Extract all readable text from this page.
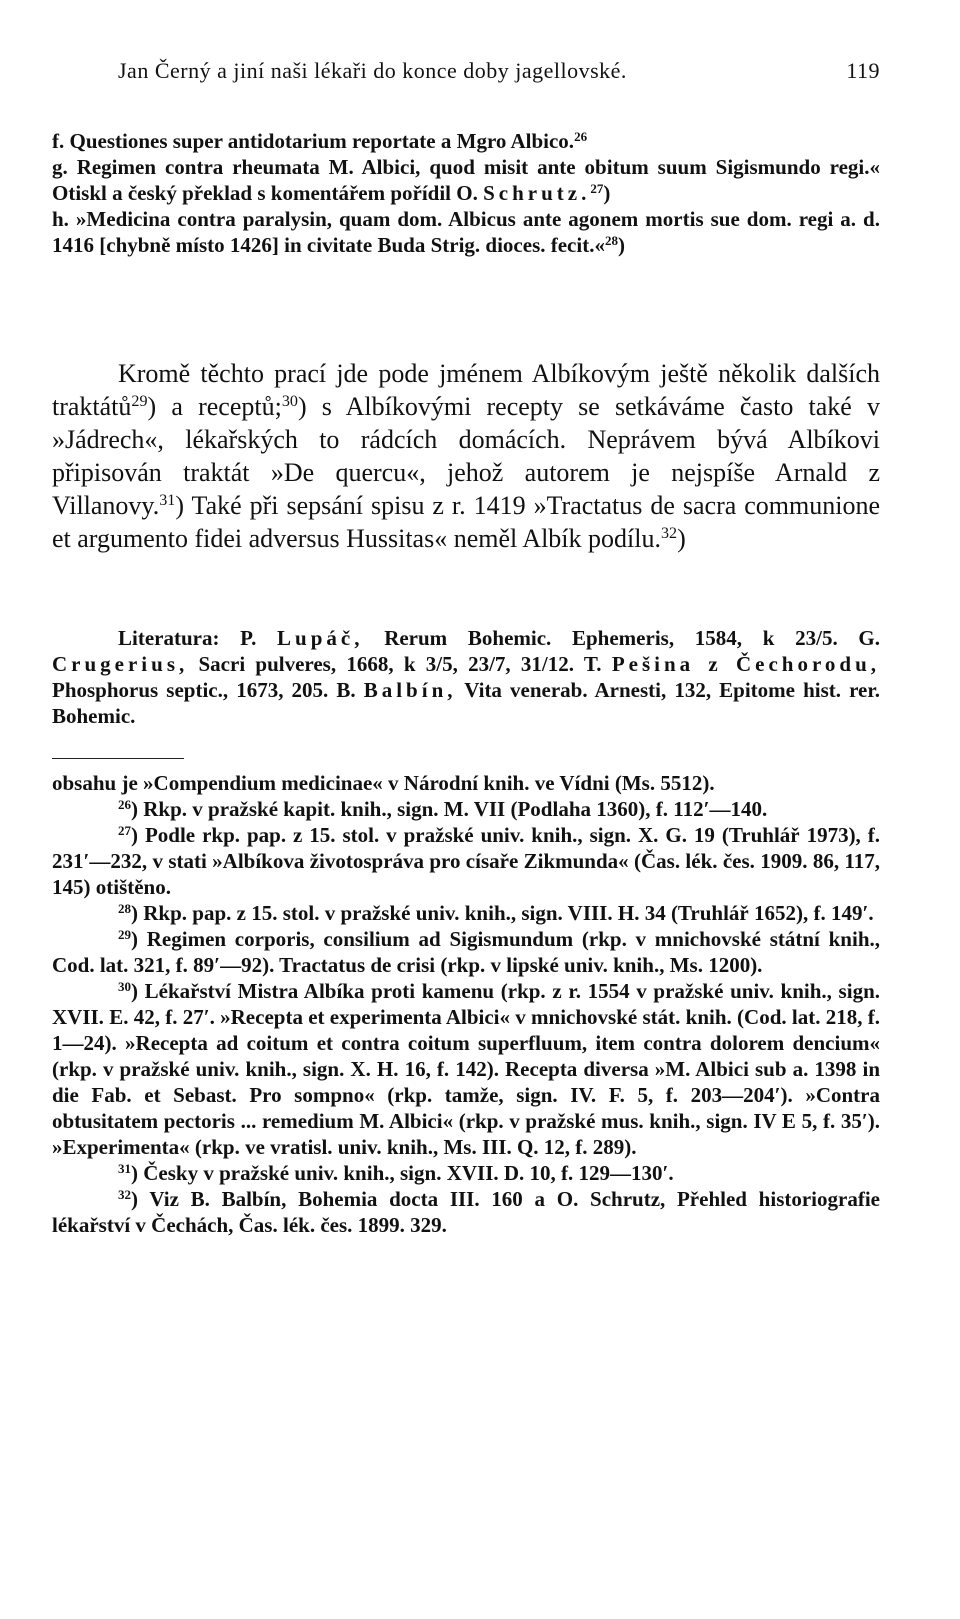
Jan Černý a jiní naši lékaři do konce doby jagellovské.	119

f. Questiones super antidotarium reportate a Mgro Albico.$^{26}$

g. Regimen contra rheumata M. Albici, quod misit ante obitum suum Sigismundo regi.« Otiskl a český překlad s komentářem pořídil O. Schrutz.$^{27}$)

h. »Medicina contra paralysin, quam dom. Albicus ante agonem mortis sue dom. regi a. d. 1416 [chybně místo 1426] in civitate Buda Strig. dioces. fecit.«$^{28}$)

Kromě těchto prací jde pode jménem Albíkovým ještě několik dalších traktátů$^{29}$) a receptů;$^{30}$) s Albíkovými recepty se setkáváme často také v »Jádrech«, lékařských to rádcích domácích. Neprávem bývá Albíkovi připisován traktát »De quercu«, jehož autorem je nejspíše Arnald z Villanovy.$^{31}$) Také při sepsání spisu z r. 1419 »Tractatus de sacra communione et argumento fidei adversus Hussitas« neměl Albík podílu.$^{32}$)

Literatura: P. Lupáč, Rerum Bohemic. Ephemeris, 1584, k 23/5. G. Crugerius, Sacri pulveres, 1668, k 3/5, 23/7, 31/12. T. Pešina z Čechorodu, Phosphorus septic., 1673, 205. B. Balbín, Vita venerab. Arnesti, 132, Epitome hist. rer. Bohemic.

obsahu je »Compendium medicinae« v Národní knih. ve Vídni (Ms. 5512).

$^{26}$) Rkp. v pražské kapit. knih., sign. M. VII (Podlaha 1360), f. 112′—140.

$^{27}$) Podle rkp. pap. z 15. stol. v pražské univ. knih., sign. X. G. 19 (Truhlář 1973), f. 231′—232, v stati »Albíkova životospráva pro císaře Zikmunda« (Čas. lék. čes. 1909. 86, 117, 145) otištěno.

$^{28}$) Rkp. pap. z 15. stol. v pražské univ. knih., sign. VIII. H. 34 (Truhlář 1652), f. 149′.

$^{29}$) Regimen corporis, consilium ad Sigismundum (rkp. v mnichovské státní knih., Cod. lat. 321, f. 89′—92). Tractatus de crisi (rkp. v lipské univ. knih., Ms. 1200).

$^{30}$) Lékařství Mistra Albíka proti kamenu (rkp. z r. 1554 v pražské univ. knih., sign. XVII. E. 42, f. 27′. »Recepta et experimenta Albici« v mnichovské stát. knih. (Cod. lat. 218, f. 1—24). »Recepta ad coitum et contra coitum superfluum, item contra dolorem dencium« (rkp. v pražské univ. knih., sign. X. H. 16, f. 142). Recepta diversa »M. Albici sub a. 1398 in die Fab. et Sebast. Pro sompno« (rkp. tamže, sign. IV. F. 5, f. 203—204′). »Contra obtusitatem pectoris ... remedium M. Albici« (rkp. v pražské mus. knih., sign. IV E 5, f. 35′). »Experimenta« (rkp. ve vratisl. univ. knih., Ms. III. Q. 12, f. 289).

$^{31}$) Česky v pražské univ. knih., sign. XVII. D. 10, f. 129—130′.

$^{32}$) Viz B. Balbín, Bohemia docta III. 160 a O. Schrutz, Přehled historiografie lékařství v Čechách, Čas. lék. čes. 1899. 329.
